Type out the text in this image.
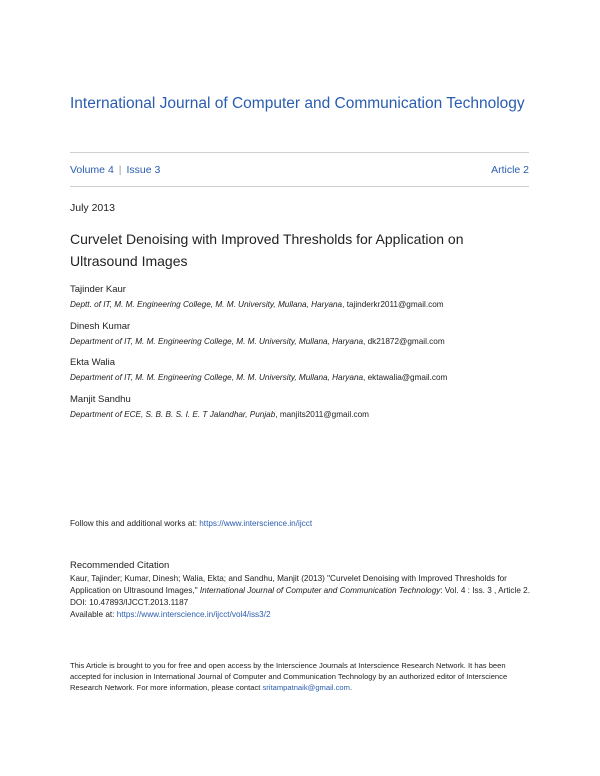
International Journal of Computer and Communication Technology
Volume 4 | Issue 3	Article 2
July 2013
Curvelet Denoising with Improved Thresholds for Application on Ultrasound Images
Tajinder Kaur
Deptt. of IT, M. M. Engineering College, M. M. University, Mullana, Haryana, tajinderkr2011@gmail.com
Dinesh Kumar
Department of IT, M. M. Engineering College, M. M. University, Mullana, Haryana, dk21872@gmail.com
Ekta Walia
Department of IT, M. M. Engineering College, M. M. University, Mullana, Haryana, ektawalia@gmail.com
Manjit Sandhu
Department of ECE, S. B. B. S. I. E. T Jalandhar, Punjab, manjits2011@gmail.com
Follow this and additional works at: https://www.interscience.in/ijcct
Recommended Citation
Kaur, Tajinder; Kumar, Dinesh; Walia, Ekta; and Sandhu, Manjit (2013) "Curvelet Denoising with Improved Thresholds for Application on Ultrasound Images," International Journal of Computer and Communication Technology: Vol. 4 : Iss. 3 , Article 2.
DOI: 10.47893/IJCCT.2013.1187
Available at: https://www.interscience.in/ijcct/vol4/iss3/2
This Article is brought to you for free and open access by the Interscience Journals at Interscience Research Network. It has been accepted for inclusion in International Journal of Computer and Communication Technology by an authorized editor of Interscience Research Network. For more information, please contact sritampatnaik@gmail.com.
